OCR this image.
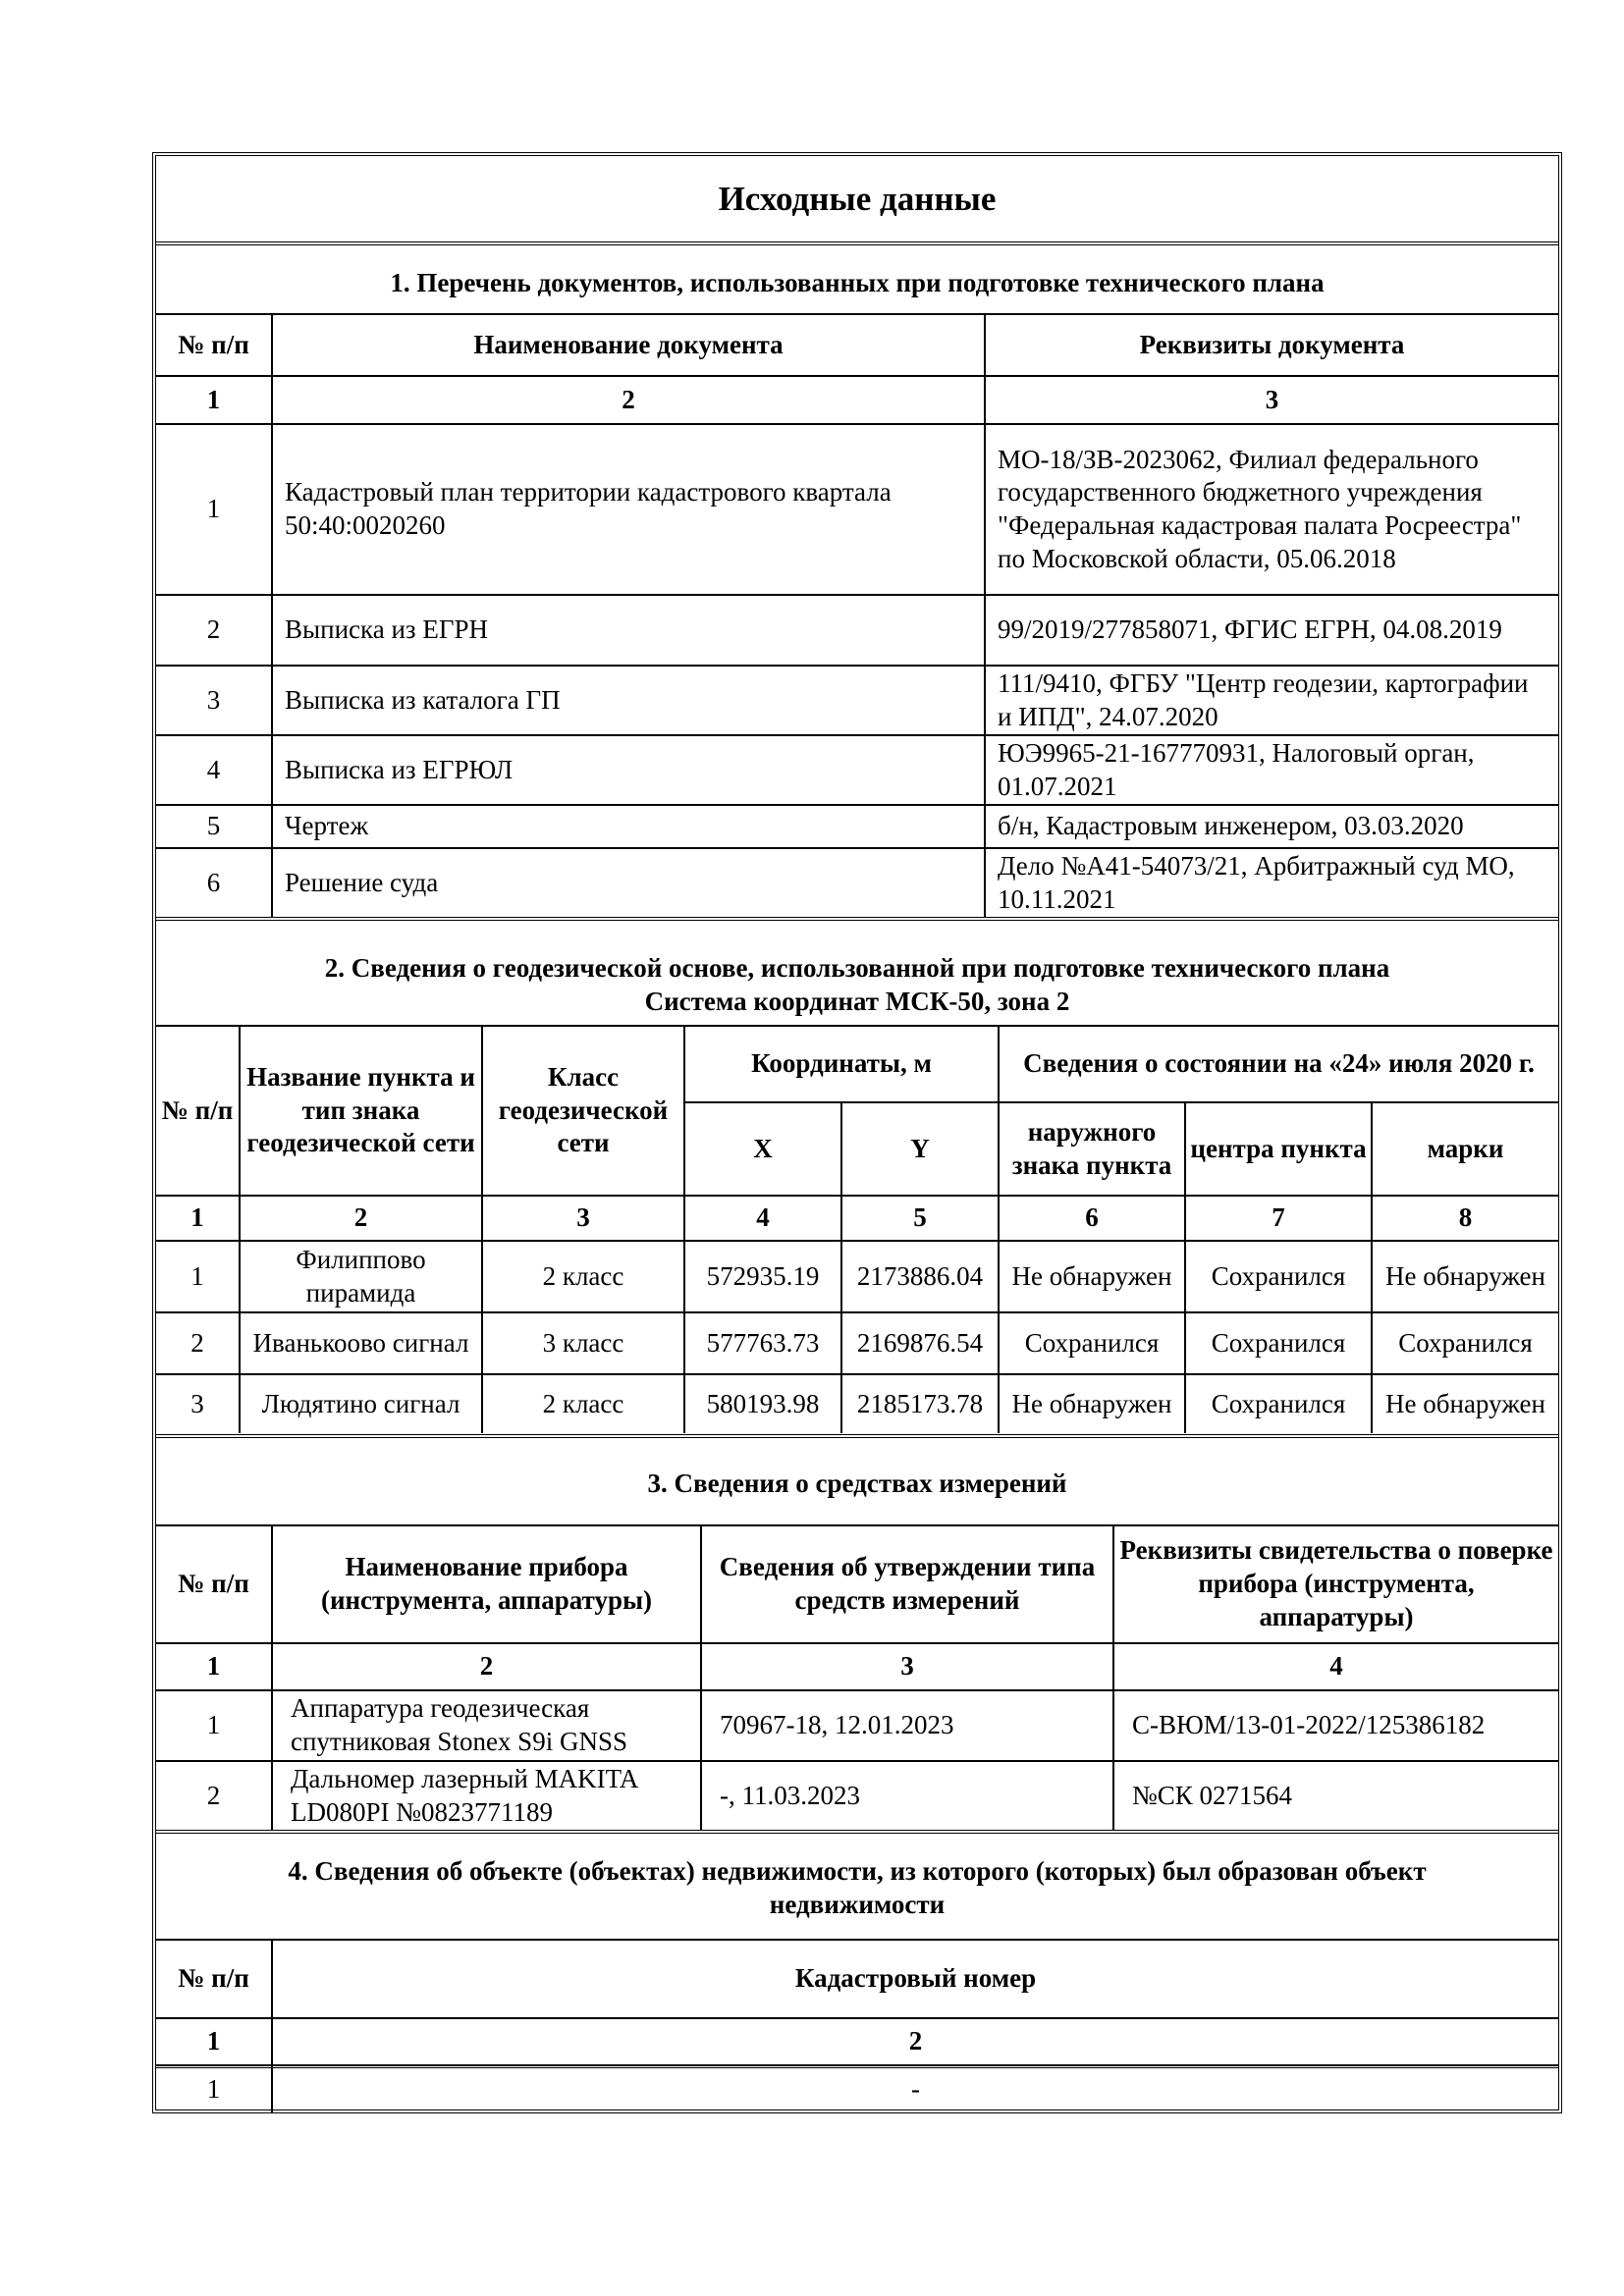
Исходные данные
1. Перечень документов, использованных при подготовке технического плана
№ п/п	Наименование документа	Реквизиты документа
1	2	3
1	Кадастровый план территории кадастрового квартала 50:40:0020260	МО-18/ЗВ-2023062, Филиал федерального государственного бюджетного учреждения "Федеральная кадастровая палата Росреестра" по Московской области, 05.06.2018
2	Выписка из ЕГРН	99/2019/277858071, ФГИС ЕГРН, 04.08.2019
3	Выписка из каталога ГП	111/9410, ФГБУ "Центр геодезии, картографии и ИПД", 24.07.2020
4	Выписка из ЕГРЮЛ	ЮЭ9965-21-167770931, Налоговый орган, 01.07.2021
5	Чертеж	б/н, Кадастровым инженером, 03.03.2020
6	Решение суда	Дело №А41-54073/21, Арбитражный суд МО, 10.11.2021
2. Сведения о геодезической основе, использованной при подготовке технического плана
Система координат МСК-50, зона 2
№ п/п	Название пункта и тип знака геодезической сети	Класс геодезической сети	Координаты, м		Сведения о состоянии на «24» июля 2020 г.		
			X	Y	наружного знака пункта	центра пункта	марки
1	2	3	4	5	6	7	8
1	Филиппово пирамида	2 класс	572935.19	2173886.04	Не обнаружен	Сохранился	Не обнаружен
2	Иванькоово сигнал	3 класс	577763.73	2169876.54	Сохранился	Сохранился	Сохранился
3	Людятино сигнал	2 класс	580193.98	2185173.78	Не обнаружен	Сохранился	Не обнаружен
3. Сведения о средствах измерений
№ п/п	Наименование прибора (инструмента, аппаратуры)	Сведения об утверждении типа средств измерений	Реквизиты свидетельства о поверке прибора (инструмента, аппаратуры)
1	2	3	4
1	Аппаратура геодезическая спутниковая Stonex S9i GNSS	70967-18, 12.01.2023	С-ВЮМ/13-01-2022/125386182
2	Дальномер лазерный MAKITA LD080PI №0823771189	-, 11.03.2023	№СК 0271564
4. Сведения об объекте (объектах) недвижимости, из которого (которых) был образован объект недвижимости
№ п/п	Кадастровый номер
1	2
1	-
